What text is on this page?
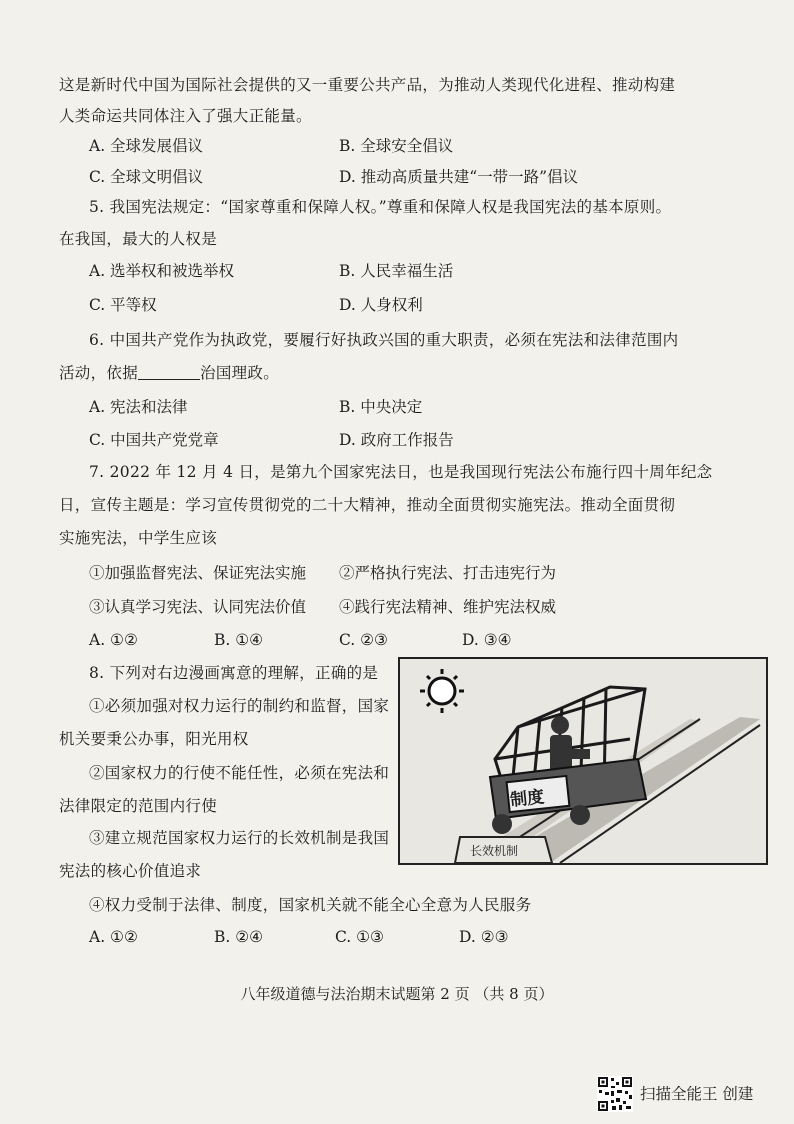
这是新时代中国为国际社会提供的又一重要公共产品，为推动人类现代化进程、推动构建
人类命运共同体注入了强大正能量。
A. 全球发展倡议	B. 全球安全倡议
C. 全球文明倡议	D. 推动高质量共建“一带一路”倡议
5. 我国宪法规定：“国家尊重和保障人权。”尊重和保障人权是我国宪法的基本原则。
在我国，最大的人权是
A. 选举权和被选举权	B. 人民幸福生活
C. 平等权	D. 人身权利
6. 中国共产党作为执政党，要履行好执政兴国的重大职责，必须在宪法和法律范围内
活动，依据	治国理政。
A. 宪法和法律	B. 中央决定
C. 中国共产党党章	D. 政府工作报告
7. 2022 年 12 月 4 日，是第九个国家宪法日，也是我国现行宪法公布施行四十周年纪念
日，宣传主题是：学习宣传贯彻党的二十大精神，推动全面贯彻实施宪法。推动全面贯彻
实施宪法，中学生应该
①加强监督宪法、保证宪法实施 ②严格执行宪法、打击违宪行为
③认真学习宪法、认同宪法价值 ④践行宪法精神、维护宪法权威
A. ①②	B. ①④	C. ②③	D. ③④
8. 下列对右边漫画寓意的理解，正确的是
①必须加强对权力运行的制约和监督，国家
机关要秉公办事，阳光用权
②国家权力的行使不能任性，必须在宪法和
法律限定的范围内行使
③建立规范国家权力运行的长效机制是我国
宪法的核心价值追求
④权力受制于法律、制度，国家机关就不能全心全意为人民服务
A. ①②	B. ②④	C. ①③	D. ②③
制度
长效机制
八年级道德与法治期末试题第 2 页 （共 8 页）
扫描全能王 创建
